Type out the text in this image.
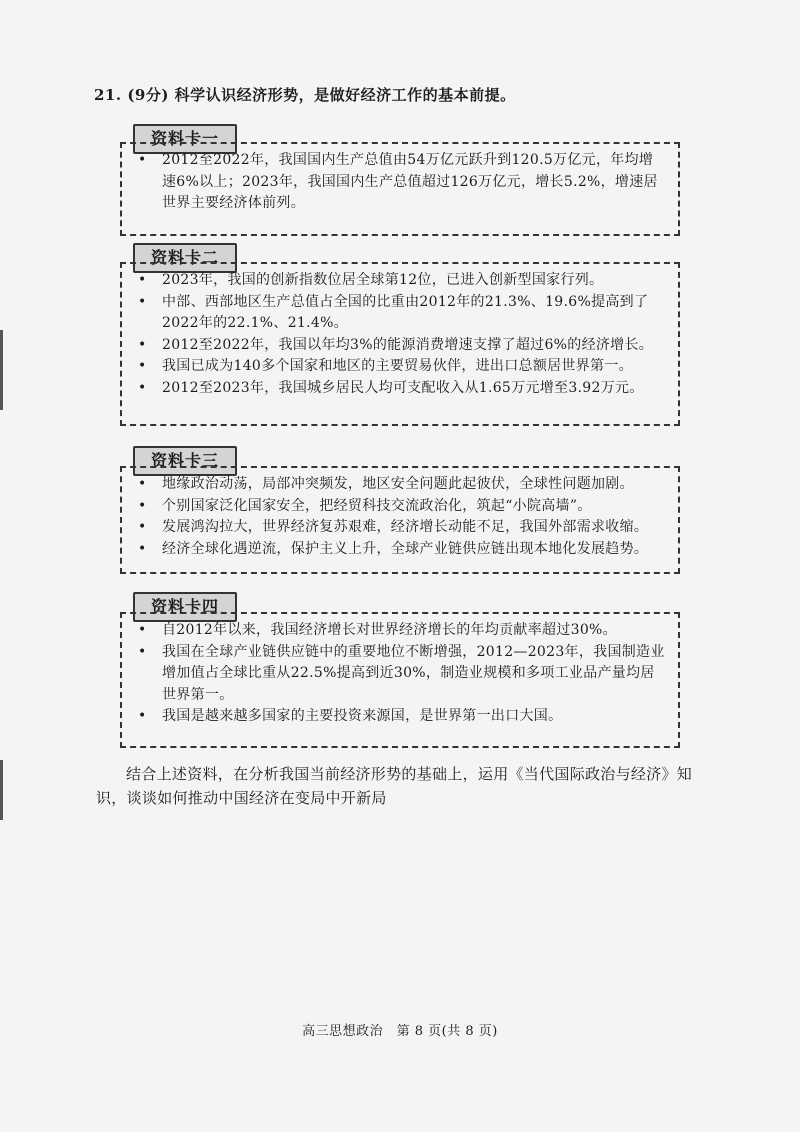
21. (9分) 科学认识经济形势，是做好经济工作的基本前提。
资料卡一
• 2012至2022年，我国国内生产总值由54万亿元跃升到120.5万亿元，年均增速6%以上；2023年，我国国内生产总值超过126万亿元，增长5.2%，增速居世界主要经济体前列。
资料卡二
• 2023年，我国的创新指数位居全球第12位，已进入创新型国家行列。
• 中部、西部地区生产总值占全国的比重由2012年的21.3%、19.6%提高到了2022年的22.1%、21.4%。
• 2012至2022年，我国以年均3%的能源消费增速支撑了超过6%的经济增长。
• 我国已成为140多个国家和地区的主要贸易伙伴，进出口总额居世界第一。
• 2012至2023年，我国城乡居民人均可支配收入从1.65万元增至3.92万元。
资料卡三
• 地缘政治动荡，局部冲突频发，地区安全问题此起彼伏，全球性问题加剧。
• 个别国家泛化国家安全，把经贸科技交流政治化，筑起“小院高墙”。
• 发展鸿沟拉大，世界经济复苏艰难，经济增长动能不足，我国外部需求收缩。
• 经济全球化遇逆流，保护主义上升，全球产业链供应链出现本地化发展趋势。
资料卡四
• 自2012年以来，我国经济增长对世界经济增长的年均贡献率超过30%。
• 我国在全球产业链供应链中的重要地位不断增强，2012—2023年，我国制造业增加值占全球比重从22.5%提高到近30%，制造业规模和多项工业品产量均居世界第一。
• 我国是越来越多国家的主要投资来源国，是世界第一出口大国。
结合上述资料，在分析我国当前经济形势的基础上，运用《当代国际政治与经济》知识，谈谈如何推动中国经济在变局中开新局
高三思想政治　第 8 页(共 8 页)
